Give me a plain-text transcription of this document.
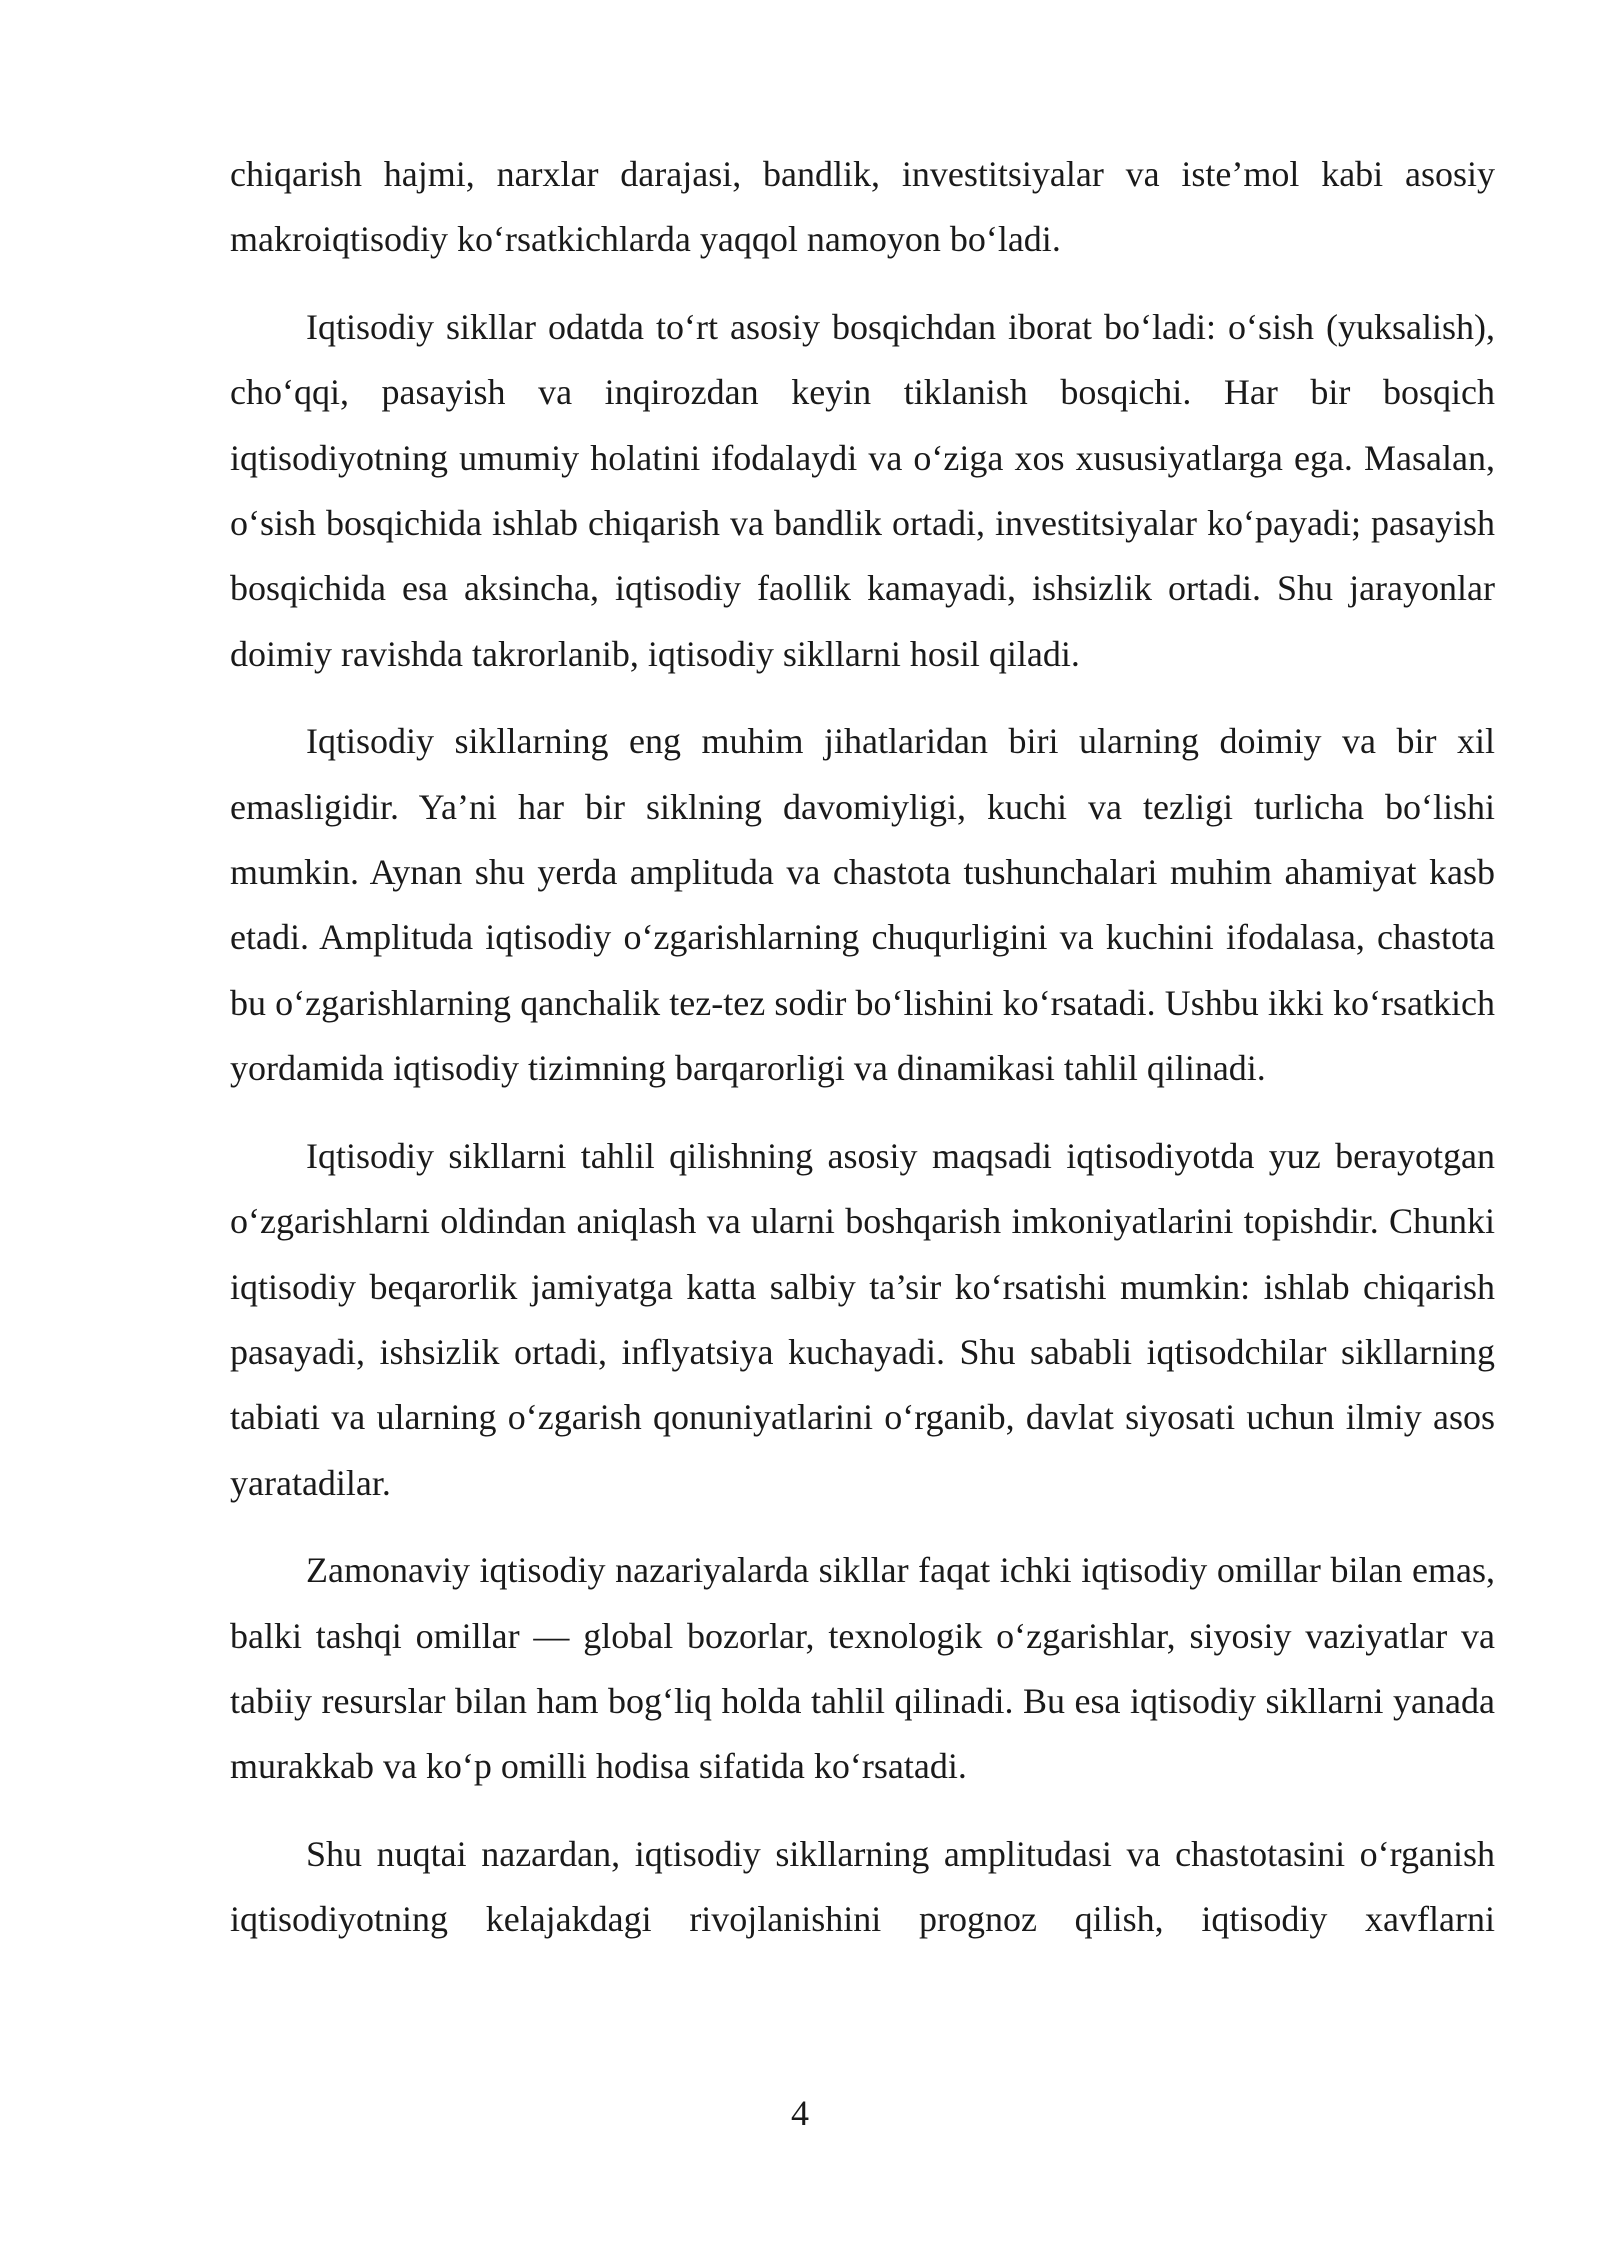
chiqarish hajmi, narxlar darajasi, bandlik, investitsiyalar va iste’mol kabi asosiy makroiqtisodiy ko‘rsatkichlarda yaqqol namoyon bo‘ladi.

Iqtisodiy sikllar odatda to‘rt asosiy bosqichdan iborat bo‘ladi: o‘sish (yuksalish), cho‘qqi, pasayish va inqirozdan keyin tiklanish bosqichi. Har bir bosqich iqtisodiyotning umumiy holatini ifodalaydi va o‘ziga xos xususiyatlarga ega. Masalan, o‘sish bosqichida ishlab chiqarish va bandlik ortadi, investitsiyalar ko‘payadi; pasayish bosqichida esa aksincha, iqtisodiy faollik kamayadi, ishsizlik ortadi. Shu jarayonlar doimiy ravishda takrorlanib, iqtisodiy sikllarni hosil qiladi.

Iqtisodiy sikllarning eng muhim jihatlaridan biri ularning doimiy va bir xil emasligidir. Ya’ni har bir siklning davomiyligi, kuchi va tezligi turlicha bo‘lishi mumkin. Aynan shu yerda amplituda va chastota tushunchalari muhim ahamiyat kasb etadi. Amplituda iqtisodiy o‘zgarishlarning chuqurligini va kuchini ifodalasa, chastota bu o‘zgarishlarning qanchalik tez-tez sodir bo‘lishini ko‘rsatadi. Ushbu ikki ko‘rsatkich yordamida iqtisodiy tizimning barqarorligi va dinamikasi tahlil qilinadi.

Iqtisodiy sikllarni tahlil qilishning asosiy maqsadi iqtisodiyotda yuz berayotgan o‘zgarishlarni oldindan aniqlash va ularni boshqarish imkoniyatlarini topishdir. Chunki iqtisodiy beqarorlik jamiyatga katta salbiy ta’sir ko‘rsatishi mumkin: ishlab chiqarish pasayadi, ishsizlik ortadi, inflyatsiya kuchayadi. Shu sababli iqtisodchilar sikllarning tabiati va ularning o‘zgarish qonuniyatlarini o‘rganib, davlat siyosati uchun ilmiy asos yaratadilar.

Zamonaviy iqtisodiy nazariyalarda sikllar faqat ichki iqtisodiy omillar bilan emas, balki tashqi omillar — global bozorlar, texnologik o‘zgarishlar, siyosiy vaziyatlar va tabiiy resurslar bilan ham bog‘liq holda tahlil qilinadi. Bu esa iqtisodiy sikllarni yanada murakkab va ko‘p omilli hodisa sifatida ko‘rsatadi.

Shu nuqtai nazardan, iqtisodiy sikllarning amplitudasi va chastotasini o‘rganish iqtisodiyotning kelajakdagi rivojlanishini prognoz qilish, iqtisodiy xavflarni

4
